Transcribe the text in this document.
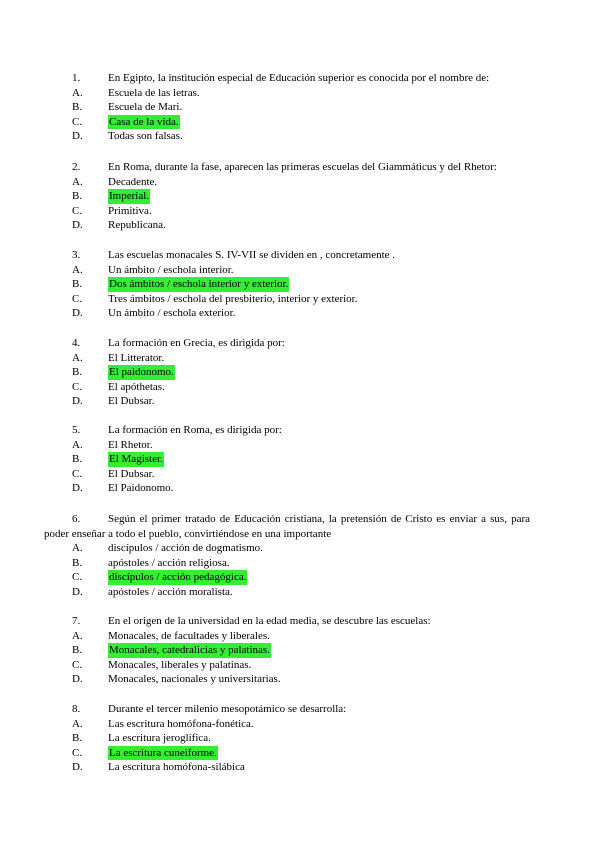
1.	En Egipto, la institución especial de Educación superior es conocida por el nombre de:
A. Escuela de las letras.
B. Escuela de Mari.
C. Casa de la vida.
D. Todas son falsas.
2.	En Roma, durante la fase, aparecen las primeras escuelas del Giammáticus y del Rhetor:
A. Decadente.
B. Imperial.
C. Primitiva.
D. Republicana.
3.	Las escuelas monacales S. IV-VII se dividen en , concretamente .
A. Un ámbito / eschola interior.
B. Dos ámbitos / eschola interior y exterior.
C. Tres ámbitos / eschola del presbiterio, interior y exterior.
D. Un ámbito / eschola exterior.
4.	La formación en Grecia, es dirigida por:
A. El Litterator.
B. El paidonomo.
C. El apóthetas.
D. El Dubsar.
5.	La formación en Roma, es dirigida por:
A. El Rhetor.
B. El Magister.
C. El Dubsar.
D. El Paidonomo.
6.	Según el primer tratado de Educación cristiana, la pretensión de Cristo es enviar a sus, para
poder enseñar a todo el pueblo, convirtiéndose en una importante
A. discípulos / acción de dogmatismo.
B. apóstoles / acción religiosa.
C. discípulos / acción pedagógica.
D. apóstoles / acción moralista.
7.	En el origen de la universidad en la edad media, se descubre las escuelas:
A. Monacales, de facultades y liberales.
B. Monacales, catedralicias y palatinas.
C. Monacales, liberales y palatinas.
D. Monacales, nacionales y universitarias.
8.	Durante el tercer milenio mesopotámico se desarrolla:
A. Las escritura homófona-fonética.
B. La escritura jeroglífica.
C. La escritura cuneiforme.
D. La escritura homófona-silábica
